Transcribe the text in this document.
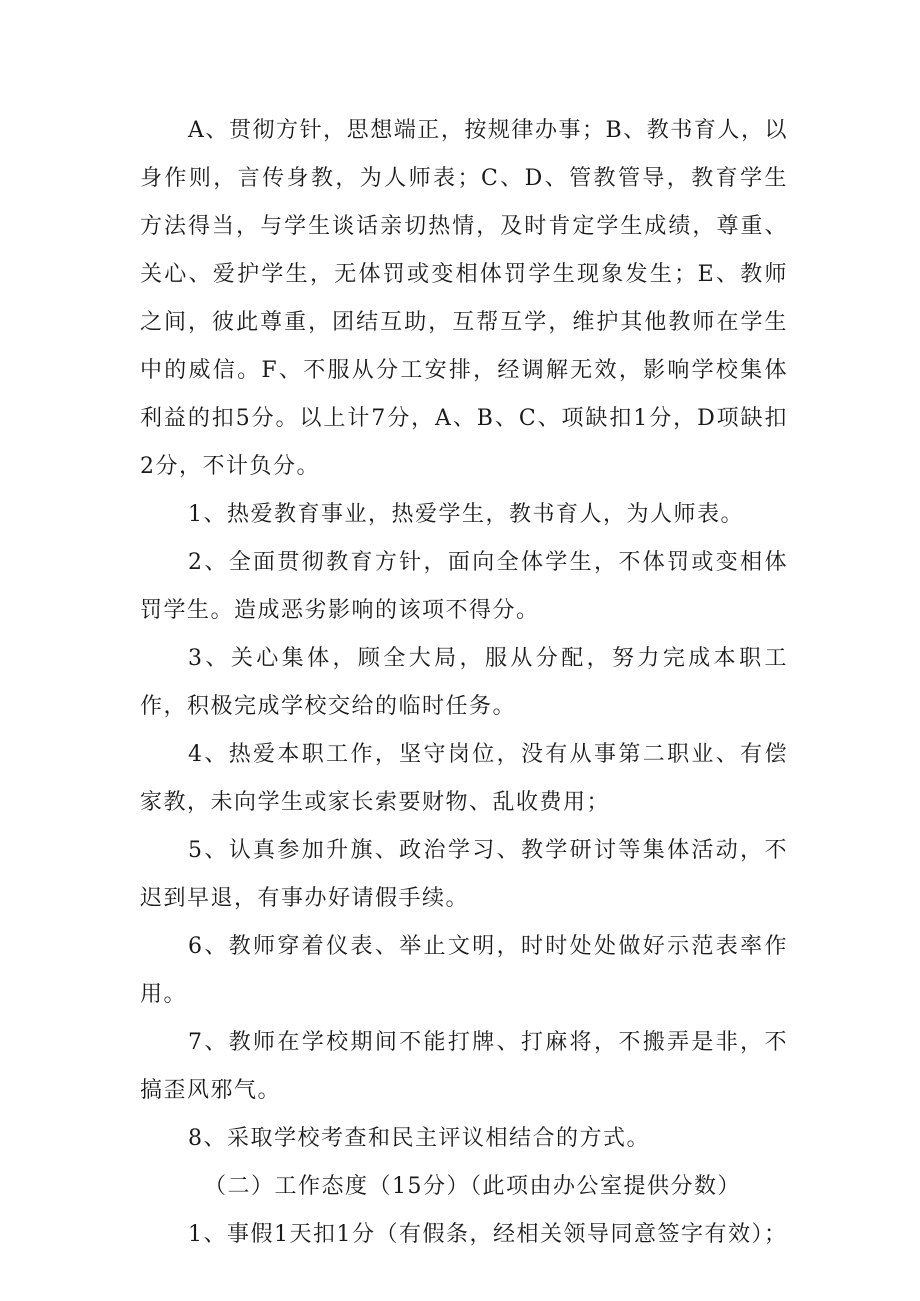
A、贯彻方针，思想端正，按规律办事；B、教书育人，以身作则，言传身教，为人师表；C、D、管教管导，教育学生方法得当，与学生谈话亲切热情，及时肯定学生成绩，尊重、关心、爱护学生，无体罚或变相体罚学生现象发生；E、教师之间，彼此尊重，团结互助，互帮互学，维护其他教师在学生中的威信。F、不服从分工安排，经调解无效，影响学校集体利益的扣5分。以上计7分，A、B、C、项缺扣1分，D项缺扣2分，不计负分。

1、热爱教育事业，热爱学生，教书育人，为人师表。

2、全面贯彻教育方针，面向全体学生，不体罚或变相体罚学生。造成恶劣影响的该项不得分。

3、关心集体，顾全大局，服从分配，努力完成本职工作，积极完成学校交给的临时任务。

4、热爱本职工作，坚守岗位，没有从事第二职业、有偿家教，未向学生或家长索要财物、乱收费用；

5、认真参加升旗、政治学习、教学研讨等集体活动，不迟到早退，有事办好请假手续。

6、教师穿着仪表、举止文明，时时处处做好示范表率作用。

7、教师在学校期间不能打牌、打麻将，不搬弄是非，不搞歪风邪气。

8、采取学校考查和民主评议相结合的方式。

（二）工作态度（15分）（此项由办公室提供分数）

1、事假1天扣1分（有假条，经相关领导同意签字有效）；
